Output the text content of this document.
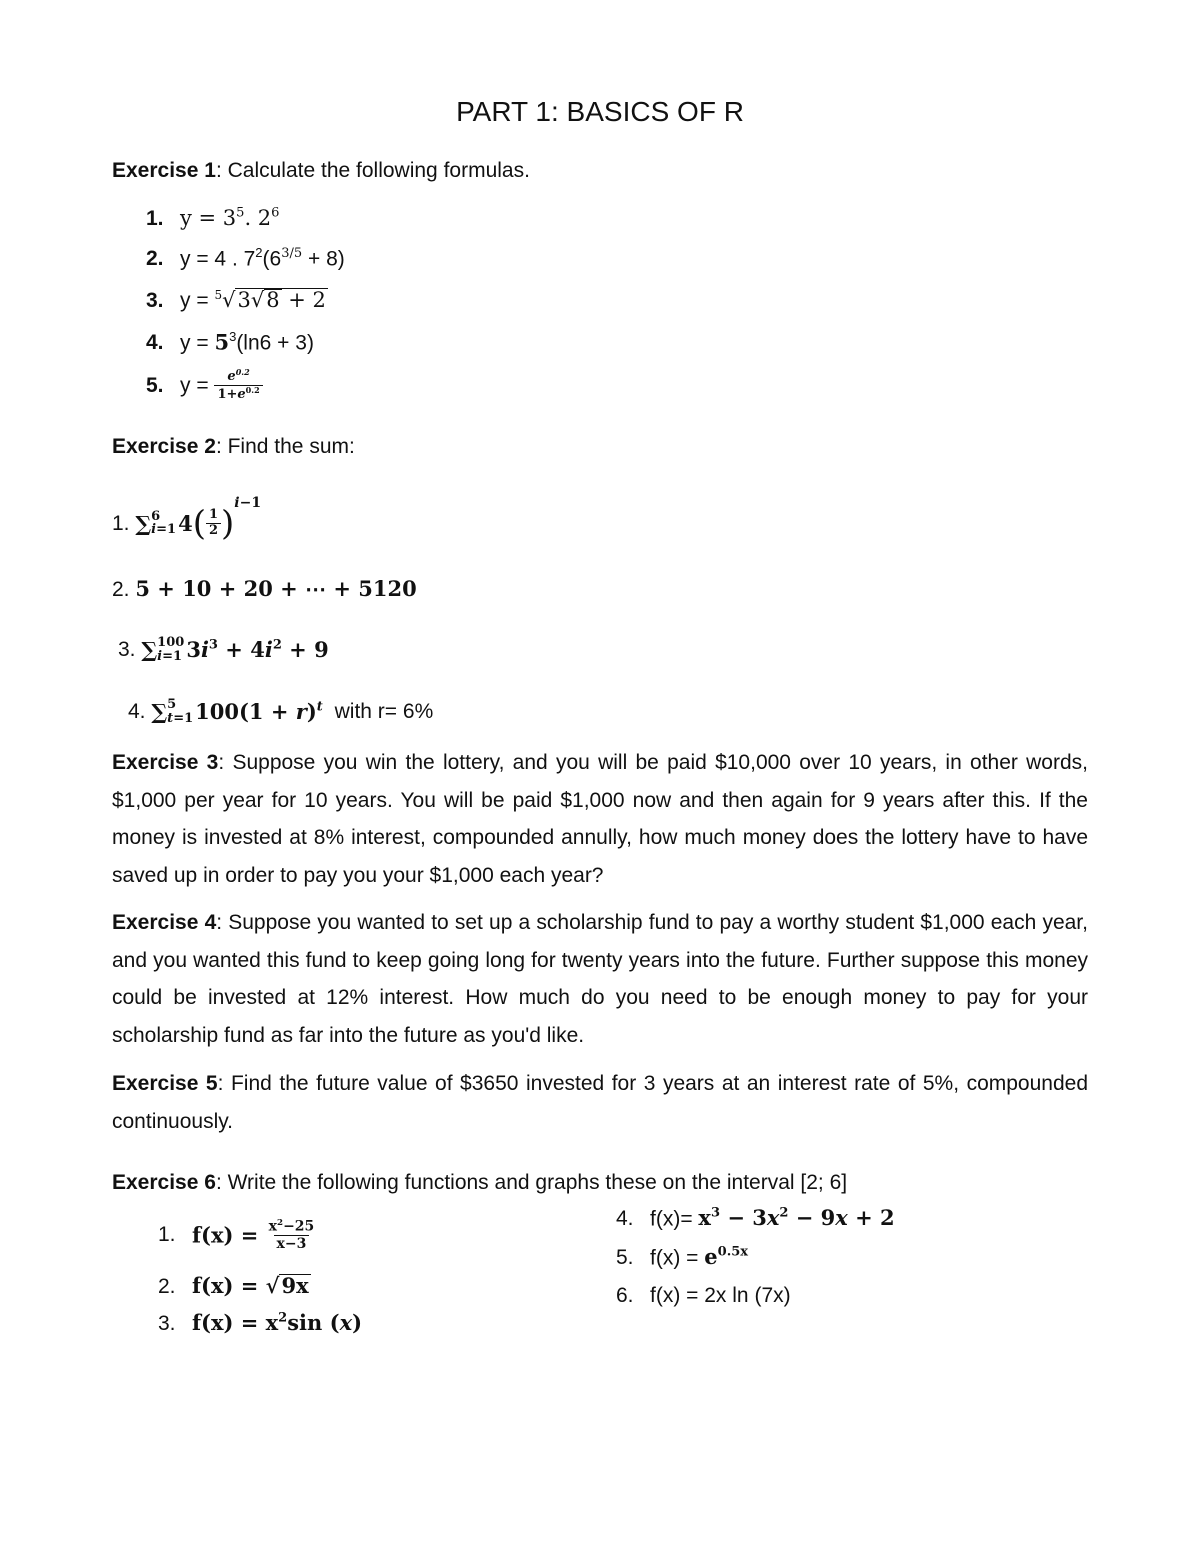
PART 1: BASICS OF R
Exercise 1: Calculate the following formulas.
1. $y = 3^5$. $2^6$
2. y = 4 . $7^2(6^{3/5} + 8)$
3. y = $^5$√3√8 + 2
4. $y = 5^3(\ln 6 + 3)$
5. $y = \frac{e^{0.2}}{1+e^{0.2}}$
Exercise 2: Find the sum:
1. ∑ 6
i=1 $4( \frac{1}{2} )^{i-1}$
2. 5 + 10 + 20 + ⋯ + 5120
3. ∑ 100
i=1 $3i^3 + 4i^2 + 9$
4. ∑ 5
t=1 $100(1 + r)^t$ with r= 6%
Exercise 3: Suppose you win the lottery, and you will be paid $10,000 over 10 years, in other words, $1,000 per year for 10 years. You will be paid $1,000 now and then again for 9 years after this. If the money is invested at 8% interest, compounded annully, how much money does the lottery have to have saved up in order to pay you your $1,000 each year?
Exercise 4: Suppose you wanted to set up a scholarship fund to pay a worthy student $1,000 each year, and you wanted this fund to keep going long for twenty years into the future. Further suppose this money could be invested at 12% interest. How much do you need to be enough money to pay for your scholarship fund as far into the future as you'd like.
Exercise 5: Find the future value of $3650 invested for 3 years at an interest rate of 5%, compounded continuously.
Exercise 6: Write the following functions and graphs these on the interval [2; 6]
1. $f(x) = \frac{x^2-25}{x-3}$
2. f(x) = √9x
3. $f(x) = x^2\sin$ (x)
4. $f(x)= x^3 - 3x^2 - 9x + 2$
5. $f(x) = e^{0.5x}$
6. f(x) = 2x ln (7x)
